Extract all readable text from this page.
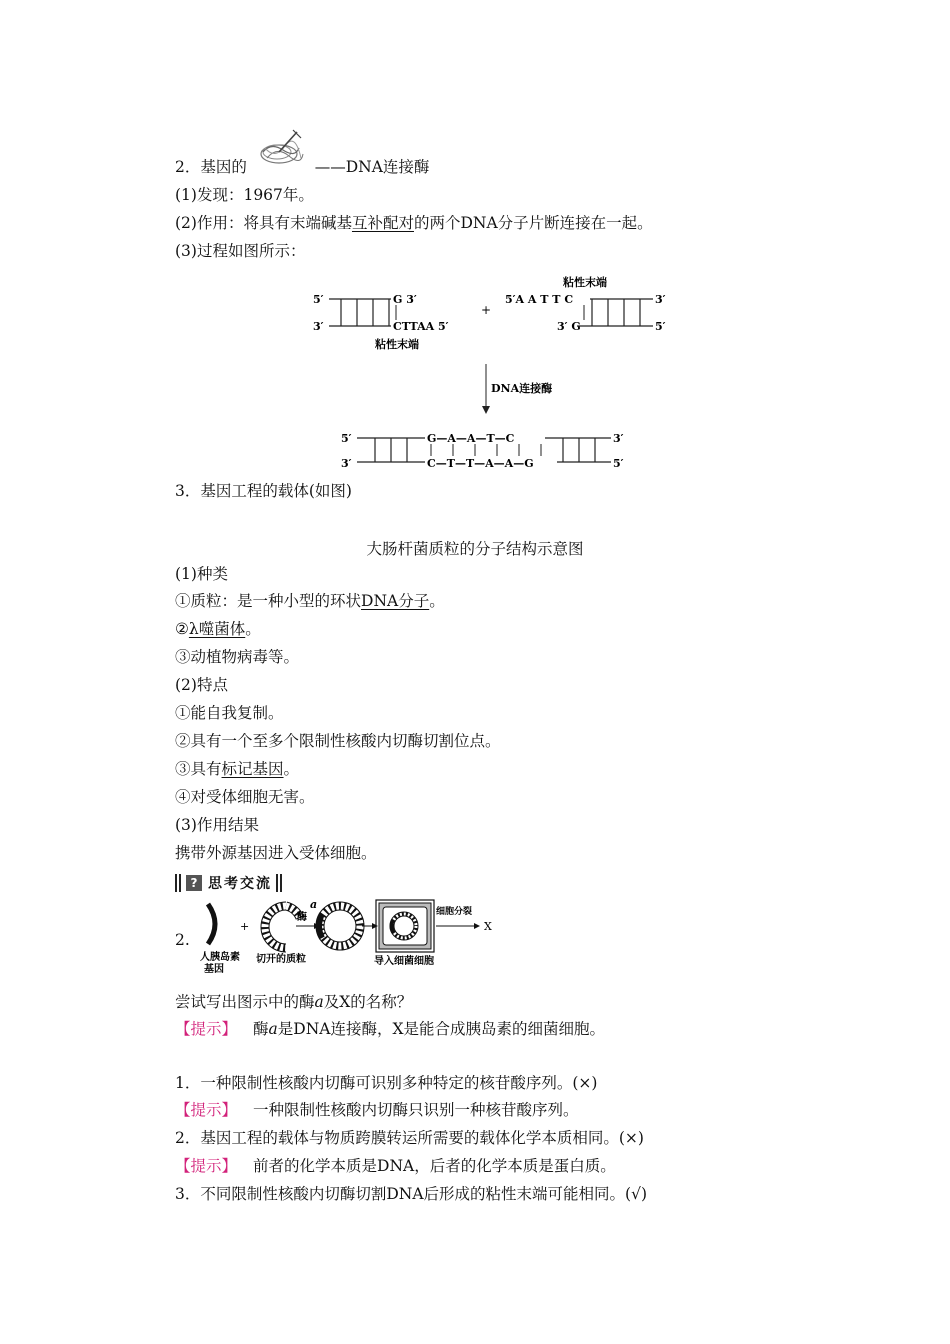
2．基因的	——DNA连接酶
(1)发现：1967年。
(2)作用：将具有末端碱基互补配对的两个DNA分子片断连接在一起。
(3)过程如图所示：
5′
3′
G 3′
CTTAA 5′
粘性末端
+
粘性末端
5′A A T T C
3′ G
3′
5′
DNA连接酶
5′
3′
G—A—A—T—C
C—T—T—A—A—G
3′
5′
3．基因工程的载体(如图)
大肠杆菌质粒的分子结构示意图
(1)种类
①质粒：是一种小型的环状DNA分子。
②λ噬菌体。
③动植物病毒等。
(2)特点
①能自我复制。
②具有一个至多个限制性核酸内切酶切割位点。
③具有标记基因。
④对受体细胞无害。
(3)作用结果
携带外源基因进入受体细胞。
? 思考交流
2.
人胰岛素
基因
+
切开的质粒
酶
a
导入细菌细胞
细胞分裂
X
尝试写出图示中的酶a及X的名称？
【提示】 酶a是DNA连接酶，X是能合成胰岛素的细菌细胞。
1．一种限制性核酸内切酶可识别多种特定的核苷酸序列。(×)
【提示】 一种限制性核酸内切酶只识别一种核苷酸序列。
2．基因工程的载体与物质跨膜转运所需要的载体化学本质相同。(×)
【提示】 前者的化学本质是DNA，后者的化学本质是蛋白质。
3．不同限制性核酸内切酶切割DNA后形成的粘性末端可能相同。(√)
